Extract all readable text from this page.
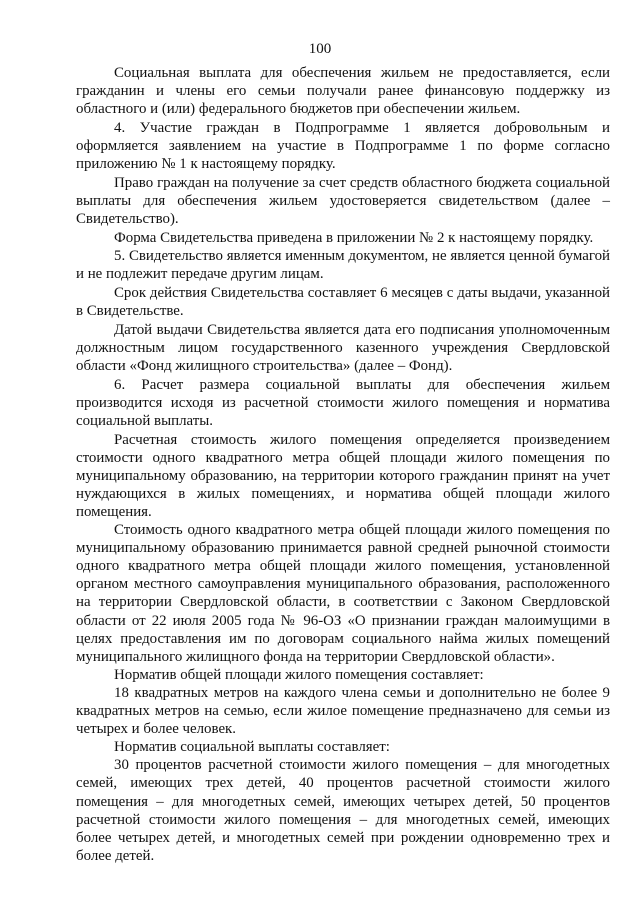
100

Социальная выплата для обеспечения жильем не предоставляется, если гражданин и члены его семьи получали ранее финансовую поддержку из областного и (или) федерального бюджетов при обеспечении жильем.

4. Участие граждан в Подпрограмме 1 является добровольным и оформляется заявлением на участие в Подпрограмме 1 по форме согласно приложению № 1 к настоящему порядку.

Право граждан на получение за счет средств областного бюджета социальной выплаты для обеспечения жильем удостоверяется свидетельством (далее – Свидетельство).

Форма Свидетельства приведена в приложении № 2 к настоящему порядку.

5. Свидетельство является именным документом, не является ценной бумагой и не подлежит передаче другим лицам.

Срок действия Свидетельства составляет 6 месяцев с даты выдачи, указанной в Свидетельстве.

Датой выдачи Свидетельства является дата его подписания уполномоченным должностным лицом государственного казенного учреждения Свердловской области «Фонд жилищного строительства» (далее – Фонд).

6. Расчет размера социальной выплаты для обеспечения жильем производится исходя из расчетной стоимости жилого помещения и норматива социальной выплаты.

Расчетная стоимость жилого помещения определяется произведением стоимости одного квадратного метра общей площади жилого помещения по муниципальному образованию, на территории которого гражданин принят на учет нуждающихся в жилых помещениях, и норматива общей площади жилого помещения.

Стоимость одного квадратного метра общей площади жилого помещения по муниципальному образованию принимается равной средней рыночной стоимости одного квадратного метра общей площади жилого помещения, установленной органом местного самоуправления муниципального образования, расположенного на территории Свердловской области, в соответствии с Законом Свердловской области от 22 июля 2005 года № 96-ОЗ «О признании граждан малоимущими в целях предоставления им по договорам социального найма жилых помещений муниципального жилищного фонда на территории Свердловской области».

Норматив общей площади жилого помещения составляет:

18 квадратных метров на каждого члена семьи и дополнительно не более 9 квадратных метров на семью, если жилое помещение предназначено для семьи из четырех и более человек.

Норматив социальной выплаты составляет:

30 процентов расчетной стоимости жилого помещения – для многодетных семей, имеющих трех детей, 40 процентов расчетной стоимости жилого помещения – для многодетных семей, имеющих четырех детей, 50 процентов расчетной стоимости жилого помещения – для многодетных семей, имеющих более четырех детей, и многодетных семей при рождении одновременно трех и более детей.
